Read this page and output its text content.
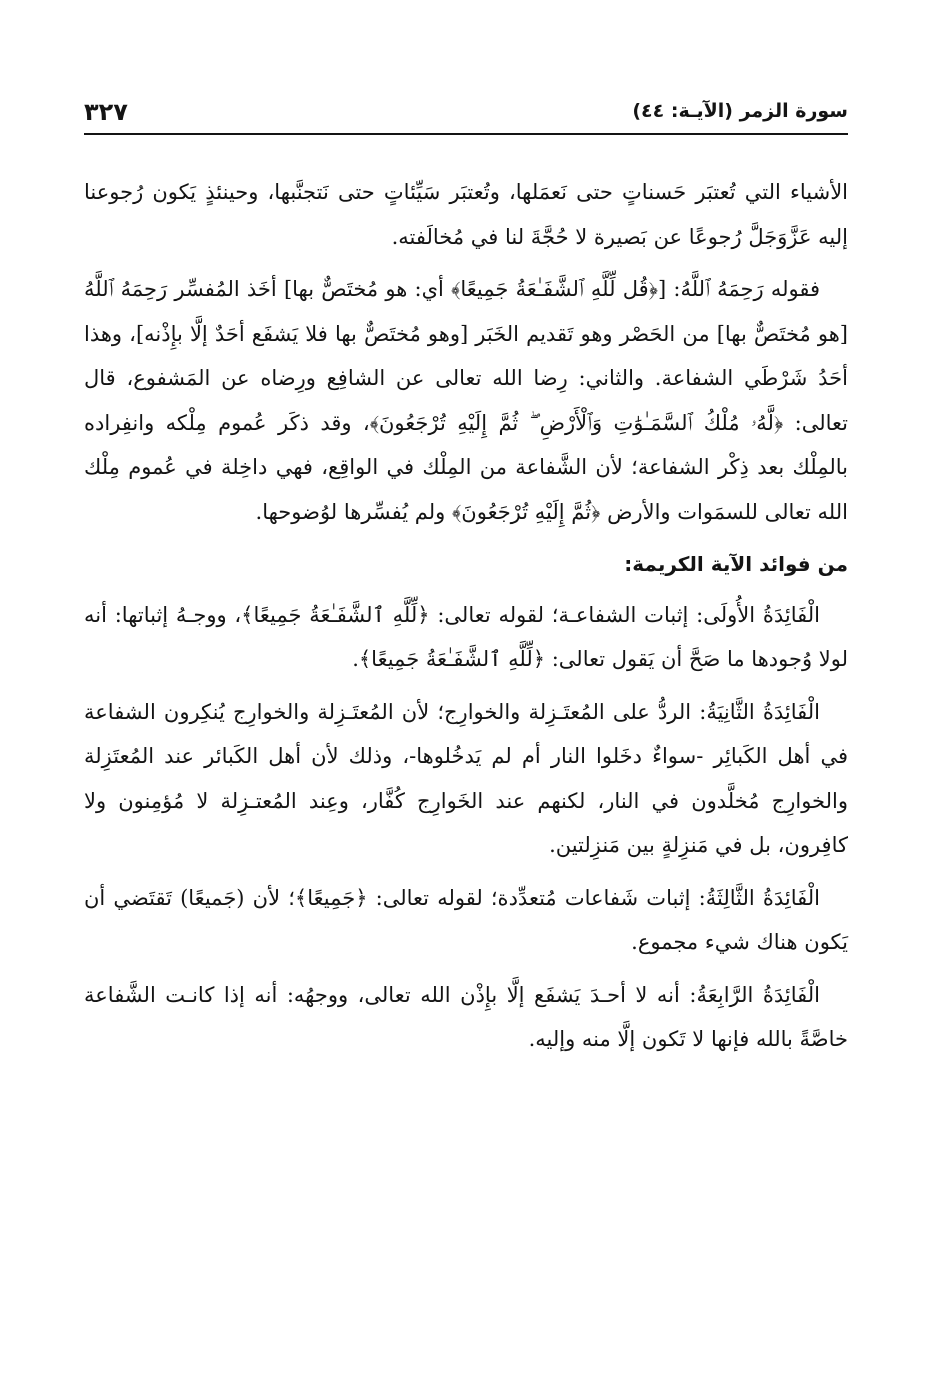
سورة الزمر (الآيـة: ٤٤)
٣٢٧

الأشياء التي تُعتبَر حَسناتٍ حتى نَعمَلها، وتُعتبَر سَيِّئاتٍ حتى نَتجنَّبها، وحينئذٍ يَكون رُجوعنا إليه عَزَّوَجَلَّ رُجوعًا عن بَصيرة لا حُجَّةَ لنا في مُخالَفته.

فقوله رَحِمَهُ ٱللَّهُ: [﴿قُل لِّلَّهِ ٱلشَّفَـٰعَةُ جَمِيعًا﴾ أي: هو مُختَصٌّ بها] أخَذ المُفسِّر رَحِمَهُ ٱللَّهُ [هو مُختَصٌّ بها] من الحَصْر وهو تَقديم الخَبَر [وهو مُختَصٌّ بها فلا يَشفَع أحَدٌ إلَّا بإِذْنه]، وهذا أحَدُ شَرْطَي الشفاعة. والثاني: رِضا الله تعالى عن الشافِع ورِضاه عن المَشفوع، قال تعالى: ﴿لَّهُۥ مُلْكُ ٱلسَّمَـٰوَٰتِ وَٱلْأَرْضِ ۖ ثُمَّ إِلَيْهِ تُرْجَعُونَ﴾، وقد ذكَر عُموم مِلْكه وانفِراده بالمِلْك بعد ذِكْر الشفاعة؛ لأن الشَّفاعة من المِلْك في الواقِع، فهي داخِلة في عُموم مِلْك الله تعالى للسمَوات والأرض ﴿ثُمَّ إِلَيْهِ تُرْجَعُونَ﴾ ولم يُفسِّرها لوُضوحها.

من فوائد الآية الكريمة:

الْفَائِدَةُ الأُولَى: إثبات الشفاعـة؛ لقوله تعالى: ﴿لِّلَّهِ ٱلشَّفَـٰعَةُ جَمِيعًا﴾، ووجـهُ إثباتها: أنه لولا وُجودها ما صَحَّ أن يَقول تعالى: ﴿لِّلَّهِ ٱلشَّفَـٰعَةُ جَمِيعًا﴾.

الْفَائِدَةُ الثَّانِيَةُ: الردُّ على المُعتَـزِلة والخوارِج؛ لأن المُعتَـزِلة والخوارِج يُنكِرون الشفاعة في أهل الكَبائِر -سواءٌ دخَلوا النار أم لم يَدخُلوها-، وذلك لأن أهل الكَبائر عند المُعتَزِلة والخوارِج مُخلَّدون في النار، لكنهم عند الخَوارِج كُفَّار، وعِند المُعتـزِلة لا مُؤمِنون ولا كافِرون، بل في مَنزِلةٍ بين مَنزِلتين.

الْفَائِدَةُ الثَّالِثَةُ: إثبات شَفاعات مُتعدِّدة؛ لقوله تعالى: ﴿جَمِيعًا﴾؛ لأن (جَميعًا) تَقتَضي أن يَكون هناك شيء مجموع.

الْفَائِدَةُ الرَّابِعَةُ: أنه لا أحـدَ يَشفَع إلَّا بإِذْن الله تعالى، ووجهُه: أنه إذا كانـت الشَّفاعة خاصَّةً بالله فإنها لا تَكون إلَّا منه وإليه.
